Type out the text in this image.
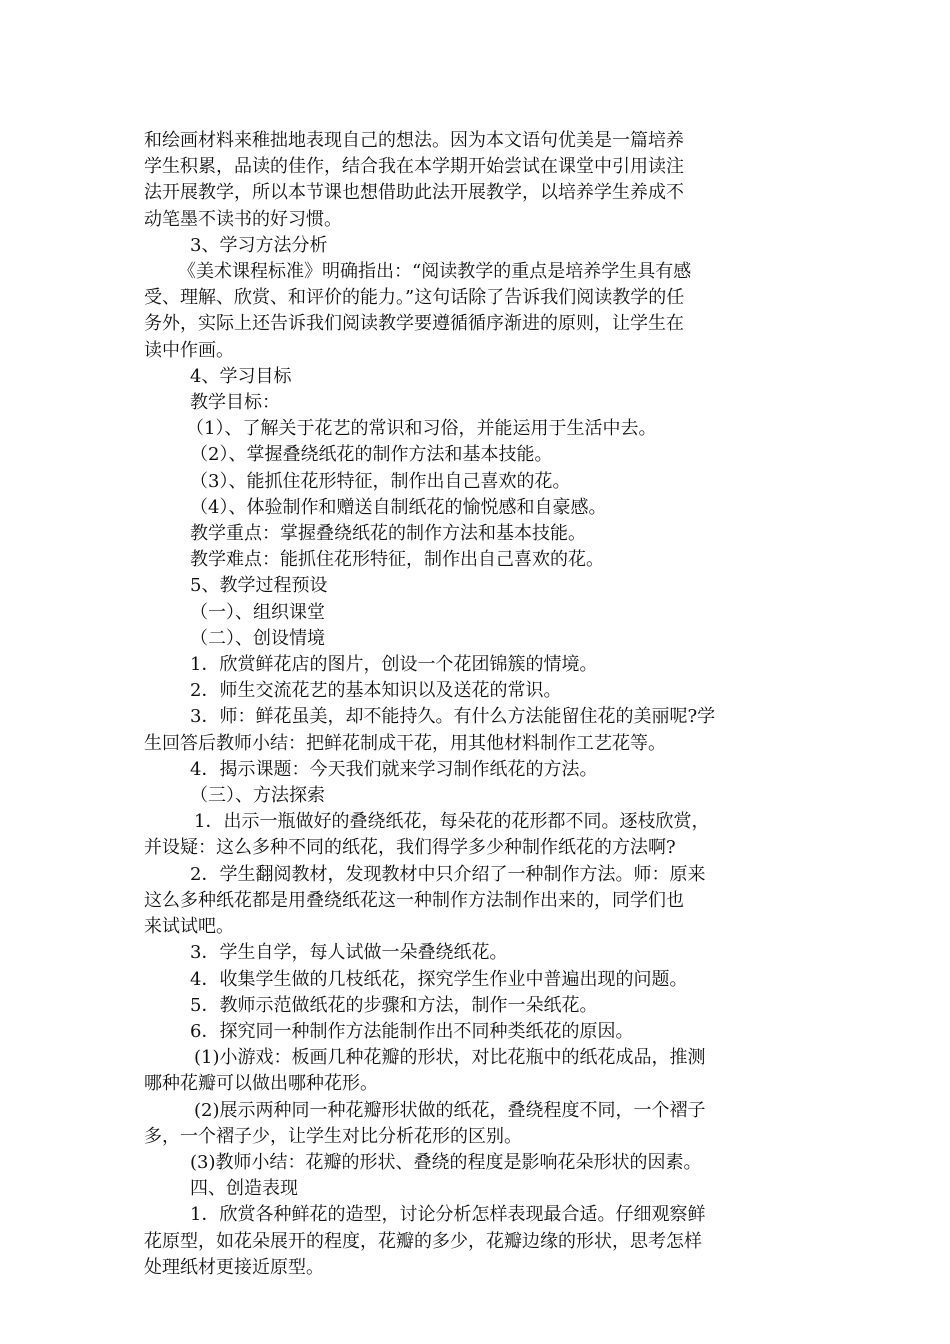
和绘画材料来稚拙地表现自己的想法。因为本文语句优美是一篇培养

学生积累，品读的佳作，结合我在本学期开始尝试在课堂中引用读注

法开展教学，所以本节课也想借助此法开展教学，以培养学生养成不

动笔墨不读书的好习惯。

3、学习方法分析

《美术课程标准》明确指出：“阅读教学的重点是培养学生具有感

受、理解、欣赏、和评价的能力。”这句话除了告诉我们阅读教学的任

务外，实际上还告诉我们阅读教学要遵循循序渐进的原则，让学生在

读中作画。

4、学习目标

教学目标：

（1）、了解关于花艺的常识和习俗，并能运用于生活中去。

（2）、掌握叠绕纸花的制作方法和基本技能。

（3）、能抓住花形特征，制作出自己喜欢的花。

（4）、体验制作和赠送自制纸花的愉悦感和自豪感。

教学重点：掌握叠绕纸花的制作方法和基本技能。

教学难点：能抓住花形特征，制作出自己喜欢的花。

5、教学过程预设

（一）、组织课堂

（二）、创设情境

1．欣赏鲜花店的图片，创设一个花团锦簇的情境。

2．师生交流花艺的基本知识以及送花的常识。

3．师：鲜花虽美，却不能持久。有什么方法能留住花的美丽呢?学

生回答后教师小结：把鲜花制成干花，用其他材料制作工艺花等。

4．揭示课题：今天我们就来学习制作纸花的方法。

（三）、方法探索

1．出示一瓶做好的叠绕纸花，每朵花的花形都不同。逐枝欣赏，

并设疑：这么多种不同的纸花，我们得学多少种制作纸花的方法啊?

2．学生翻阅教材，发现教材中只介绍了一种制作方法。师：原来

这么多种纸花都是用叠绕纸花这一种制作方法制作出来的，同学们也

来试试吧。

3．学生自学，每人试做一朵叠绕纸花。

4．收集学生做的几枝纸花，探究学生作业中普遍出现的问题。

5．教师示范做纸花的步骤和方法，制作一朵纸花。

6．探究同一种制作方法能制作出不同种类纸花的原因。

(1)小游戏：板画几种花瓣的形状，对比花瓶中的纸花成品，推测

哪种花瓣可以做出哪种花形。

(2)展示两种同一种花瓣形状做的纸花，叠绕程度不同，一个褶子

多，一个褶子少，让学生对比分析花形的区别。

(3)教师小结：花瓣的形状、叠绕的程度是影响花朵形状的因素。

四、创造表现

1．欣赏各种鲜花的造型，讨论分析怎样表现最合适。仔细观察鲜

花原型，如花朵展开的程度，花瓣的多少，花瓣边缘的形状，思考怎样

处理纸材更接近原型。
